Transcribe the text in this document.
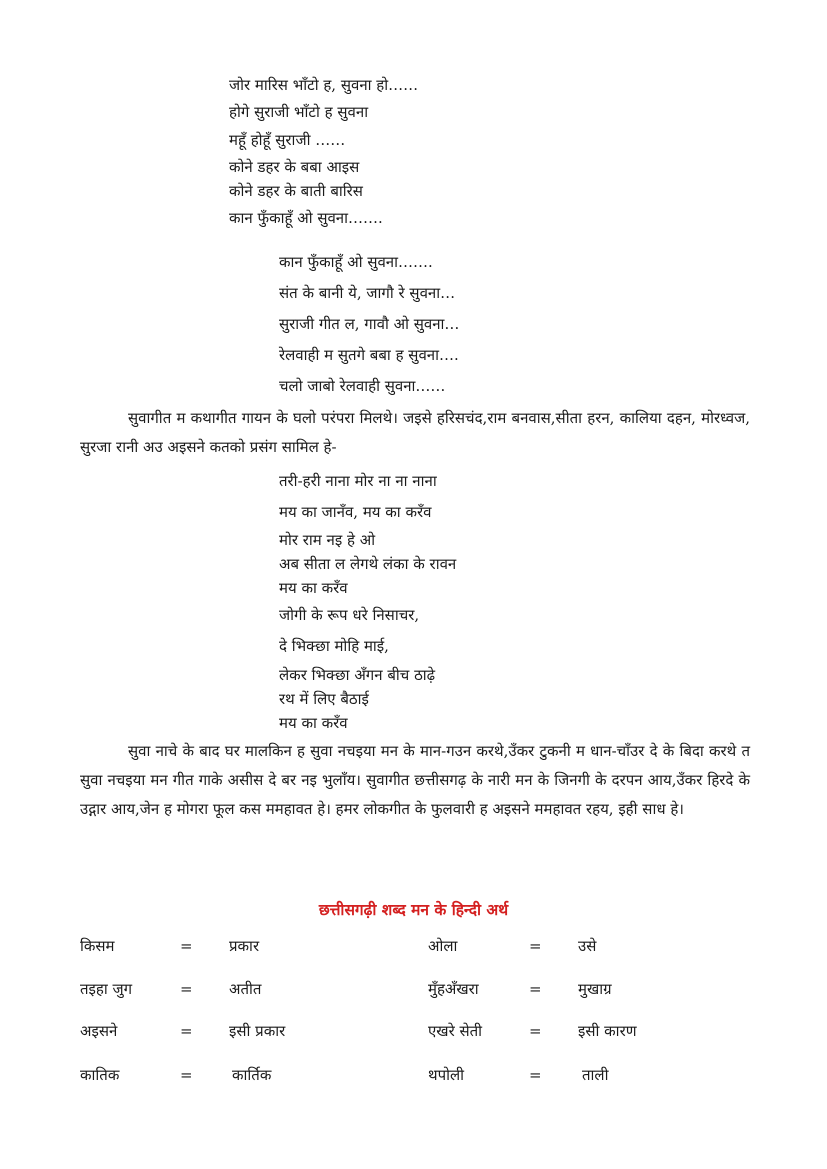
जोर मारिस भाँटो ह, सुवना हो……
होगे सुराजी भाँटो ह सुवना
महूँ होहूँ सुराजी ……
कोने डहर के बबा आइस
कोने डहर के बाती बारिस
कान फुँकाहूँ ओ सुवना…….
कान फुँकाहूँ ओ सुवना…….
संत के बानी ये, जागौ रे सुवना…
सुराजी गीत ल, गावौ ओ सुवना…
रेलवाही म सुतगे बबा ह सुवना….
चलो जाबो रेलवाही सुवना……

सुवागीत म कथागीत गायन के घलो परंपरा मिलथे। जइसे हरिसचंद,राम बनवास,सीता हरन, कालिया दहन, मोरध्वज, सुरजा रानी अउ अइसने कतको प्रसंग सामिल हे-

तरी-हरी नाना मोर ना ना नाना
मय का जानँव, मय का करँव
मोर राम नइ हे ओ
अब सीता ल लेगथे लंका के रावन
मय का करँव
जोगी के रूप धरे निसाचर,
दे भिक्छा मोहि माई,
लेकर भिक्छा अँगन बीच ठाढ़े
रथ में लिए बैठाई
मय का करँव

सुवा नाचे के बाद घर मालकिन ह सुवा नचइया मन के मान-गउन करथे,उँकर टुकनी म धान-चाँउर दे के बिदा करथे त सुवा नचइया मन गीत गाके असीस दे बर नइ भुलाँय। सुवागीत छत्तीसगढ़ के नारी मन के जिनगी के दरपन आय,उँकर हिरदे के उद्गार आय,जेन ह मोगरा फूल कस ममहावत हे। हमर लोकगीत के फुलवारी ह अइसने ममहावत रहय, इही साध हे।

छत्तीसगढ़ी शब्द मन के हिन्दी अर्थ
किसम	= प्रकार	ओला	= उसे
तइहा जुग	= अतीत	मुँहअँखरा	= मुखाग्र
अइसने	= इसी प्रकार	एखरे सेती	= इसी कारण
कातिक	=	कार्तिक	थपोली	=	ताली
